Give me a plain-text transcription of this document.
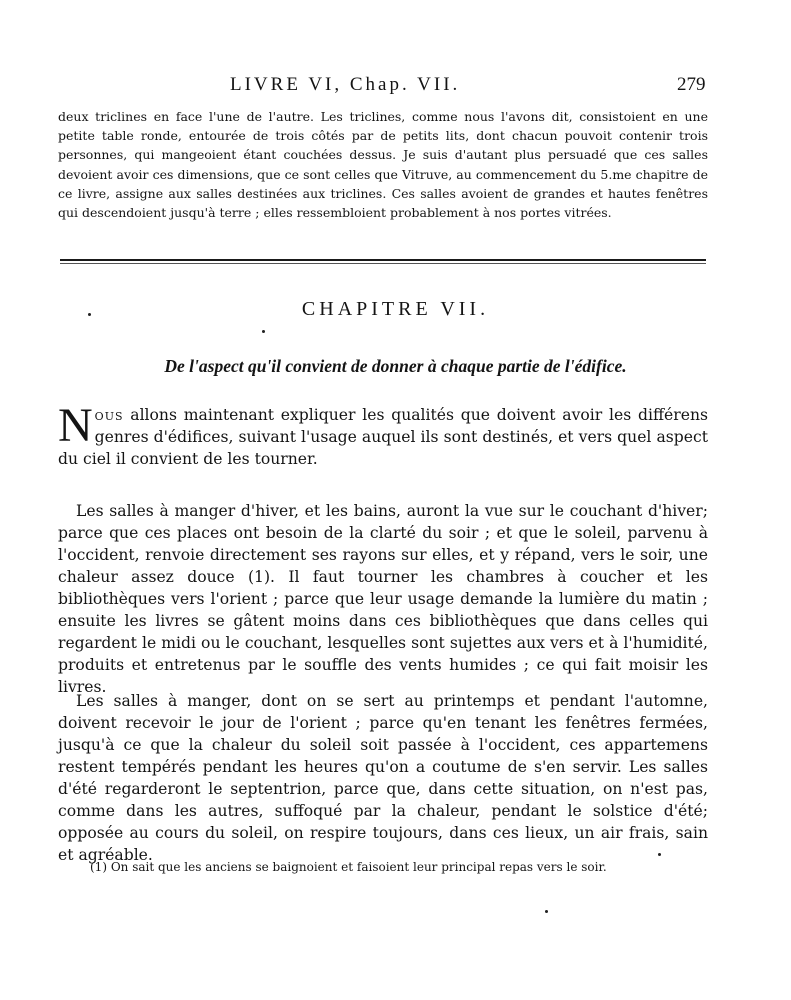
LIVRE VI, Chap. VII.	279
deux triclines en face l'une de l'autre. Les triclines, comme nous l'avons dit, consistoient en une petite table ronde, entourée de trois côtés par de petits lits, dont chacun pouvoit contenir trois personnes, qui mangeoient étant couchées dessus. Je suis d'autant plus persuadé que ces salles devoient avoir ces dimensions, que ce sont celles que Vitruve, au commencement du 5.me chapitre de ce livre, assigne aux salles destinées aux triclines. Ces salles avoient de grandes et hautes fenêtres qui descendoient jusqu'à terre ; elles ressembloient probablement à nos portes vitrées.
CHAPITRE VII.
De l'aspect qu'il convient de donner à chaque partie de l'édifice.
Nous allons maintenant expliquer les qualités que doivent avoir les différens genres d'édifices, suivant l'usage auquel ils sont destinés, et vers quel aspect du ciel il convient de les tourner.
Les salles à manger d'hiver, et les bains, auront la vue sur le couchant d'hiver; parce que ces places ont besoin de la clarté du soir ; et que le soleil, parvenu à l'occident, renvoie directement ses rayons sur elles, et y répand, vers le soir, une chaleur assez douce (1). Il faut tourner les chambres à coucher et les bibliothèques vers l'orient ; parce que leur usage demande la lumière du matin ; ensuite les livres se gâtent moins dans ces bibliothèques que dans celles qui regardent le midi ou le couchant, lesquelles sont sujettes aux vers et à l'humidité, produits et entretenus par le souffle des vents humides ; ce qui fait moisir les livres.
Les salles à manger, dont on se sert au printemps et pendant l'automne, doivent recevoir le jour de l'orient ; parce qu'en tenant les fenêtres fermées, jusqu'à ce que la chaleur du soleil soit passée à l'occident, ces appartemens restent tempérés pendant les heures qu'on a coutume de s'en servir. Les salles d'été regarderont le septentrion, parce que, dans cette situation, on n'est pas, comme dans les autres, suffoqué par la chaleur, pendant le solstice d'été; opposée au cours du soleil, on respire toujours, dans ces lieux, un air frais, sain et agréable.
(1) On sait que les anciens se baignoient et faisoient leur principal repas vers le soir.
